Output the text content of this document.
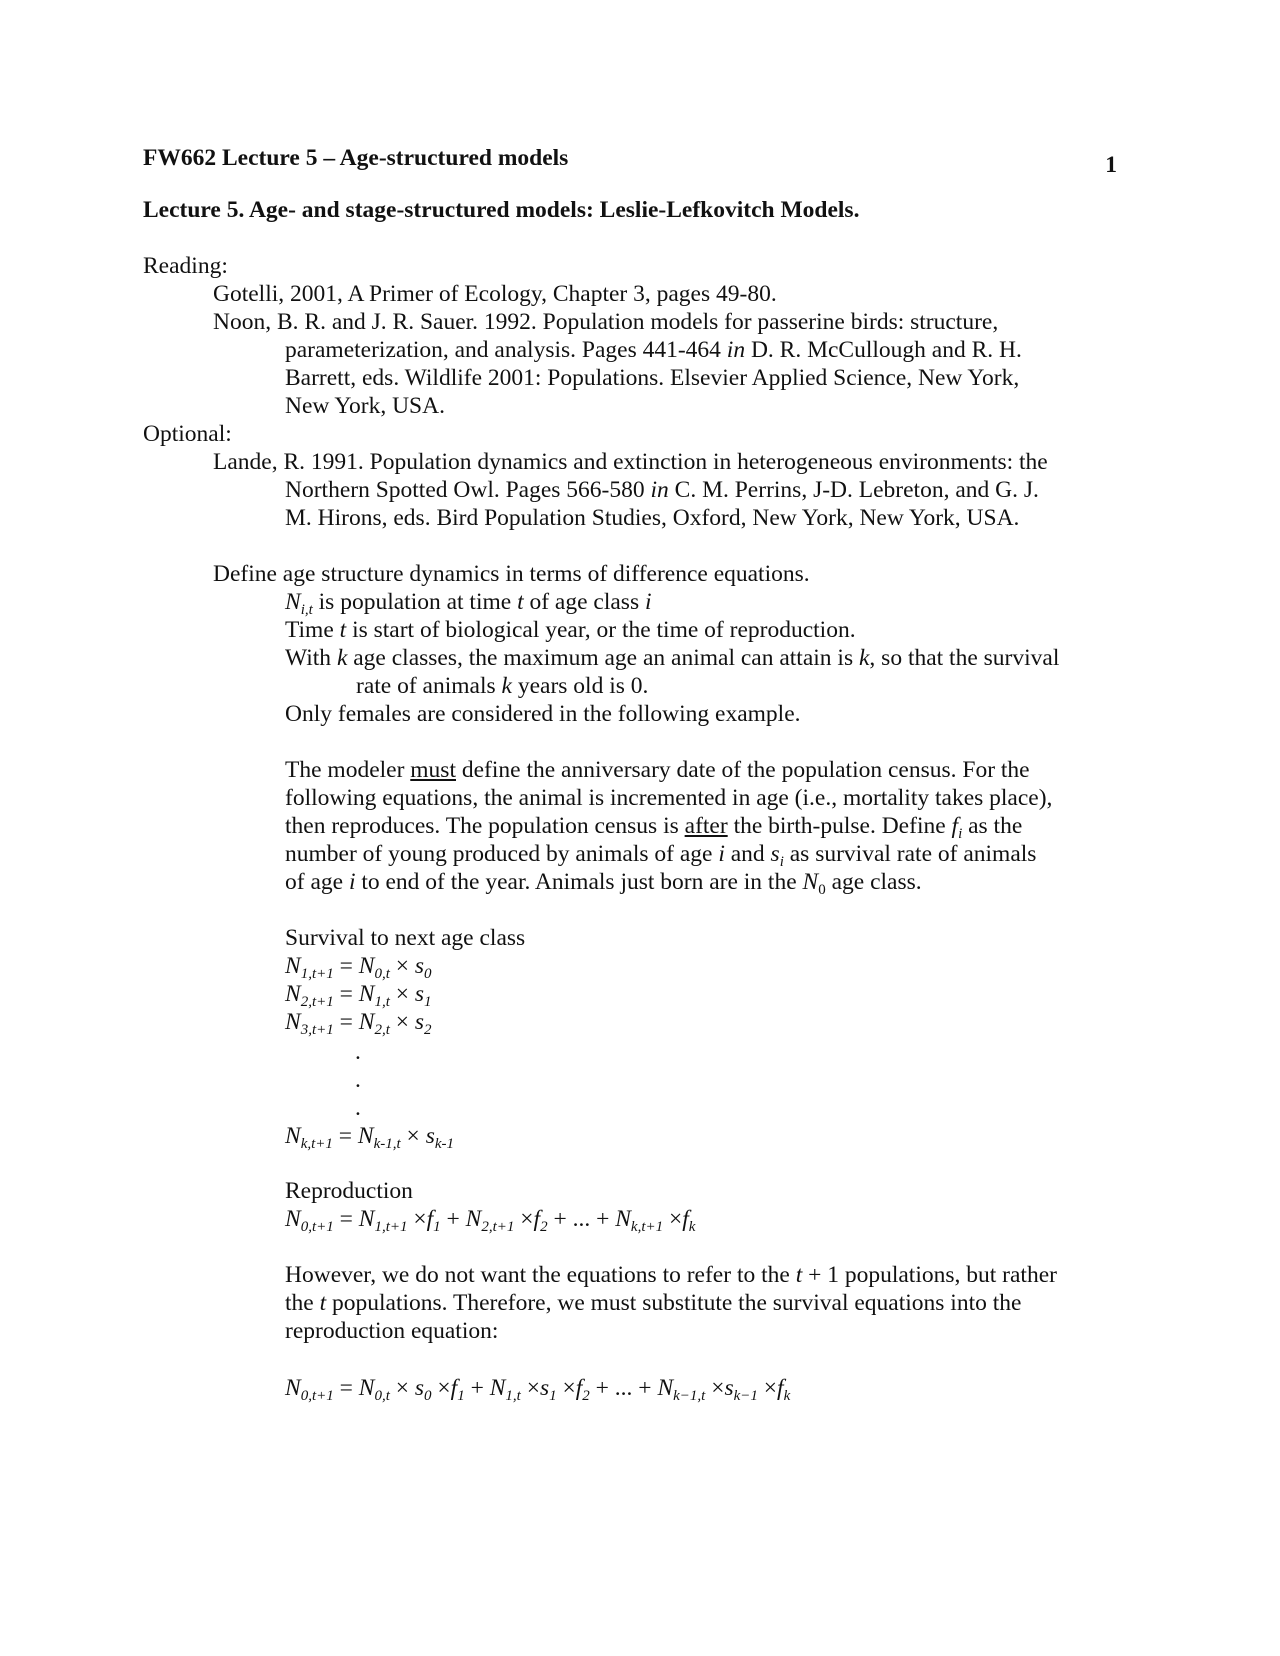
FW662 Lecture 5 – Age-structured models	1
Lecture 5. Age- and stage-structured models: Leslie-Lefkovitch Models.
Reading:
Gotelli, 2001, A Primer of Ecology, Chapter 3, pages 49-80.
Noon, B. R. and J. R. Sauer. 1992. Population models for passerine birds: structure,
parameterization, and analysis. Pages 441-464 in D. R. McCullough and R. H.
Barrett, eds. Wildlife 2001: Populations. Elsevier Applied Science, New York,
New York, USA.
Optional:
Lande, R. 1991. Population dynamics and extinction in heterogeneous environments: the
Northern Spotted Owl. Pages 566-580 in C. M. Perrins, J-D. Lebreton, and G. J.
M. Hirons, eds. Bird Population Studies, Oxford, New York, New York, USA.
Define age structure dynamics in terms of difference equations.
$N_{i,t}$ is population at time t of age class i
Time t is start of biological year, or the time of reproduction.
With k age classes, the maximum age an animal can attain is k, so that the survival
rate of animals k years old is 0.
Only females are considered in the following example.
The modeler must define the anniversary date of the population census. For the
following equations, the animal is incremented in age (i.e., mortality takes place),
then reproduces. The population census is after the birth-pulse. Define $f_i$ as the
number of young produced by animals of age i and $s_i$ as survival rate of animals
of age i to end of the year. Animals just born are in the $N_0$ age class.
Survival to next age class
$N_{1,t+1} = N_{0,t} \times s_0$
$N_{2,t+1} = N_{1,t} \times s_1$
$N_{3,t+1} = N_{2,t} \times s_2$
.
.
.
$N_{k,t+1} = N_{k-1,t} \times s_{k-1}$
Reproduction
$N_{0,t+1} = N_{1,t+1} \times f_1 + N_{2,t+1} \times f_2$ + ... + $N_{k,t+1} \times f_k$
However, we do not want the equations to refer to the t + 1 populations, but rather
the t populations. Therefore, we must substitute the survival equations into the
reproduction equation:
$N_{0,t+1} = N_{0,t} \times s_0 \times f_1 + N_{1,t} \times s_1 \times f_2$ + ... + $N_{k-1,t} \times s_{k-1} \times f_k$
